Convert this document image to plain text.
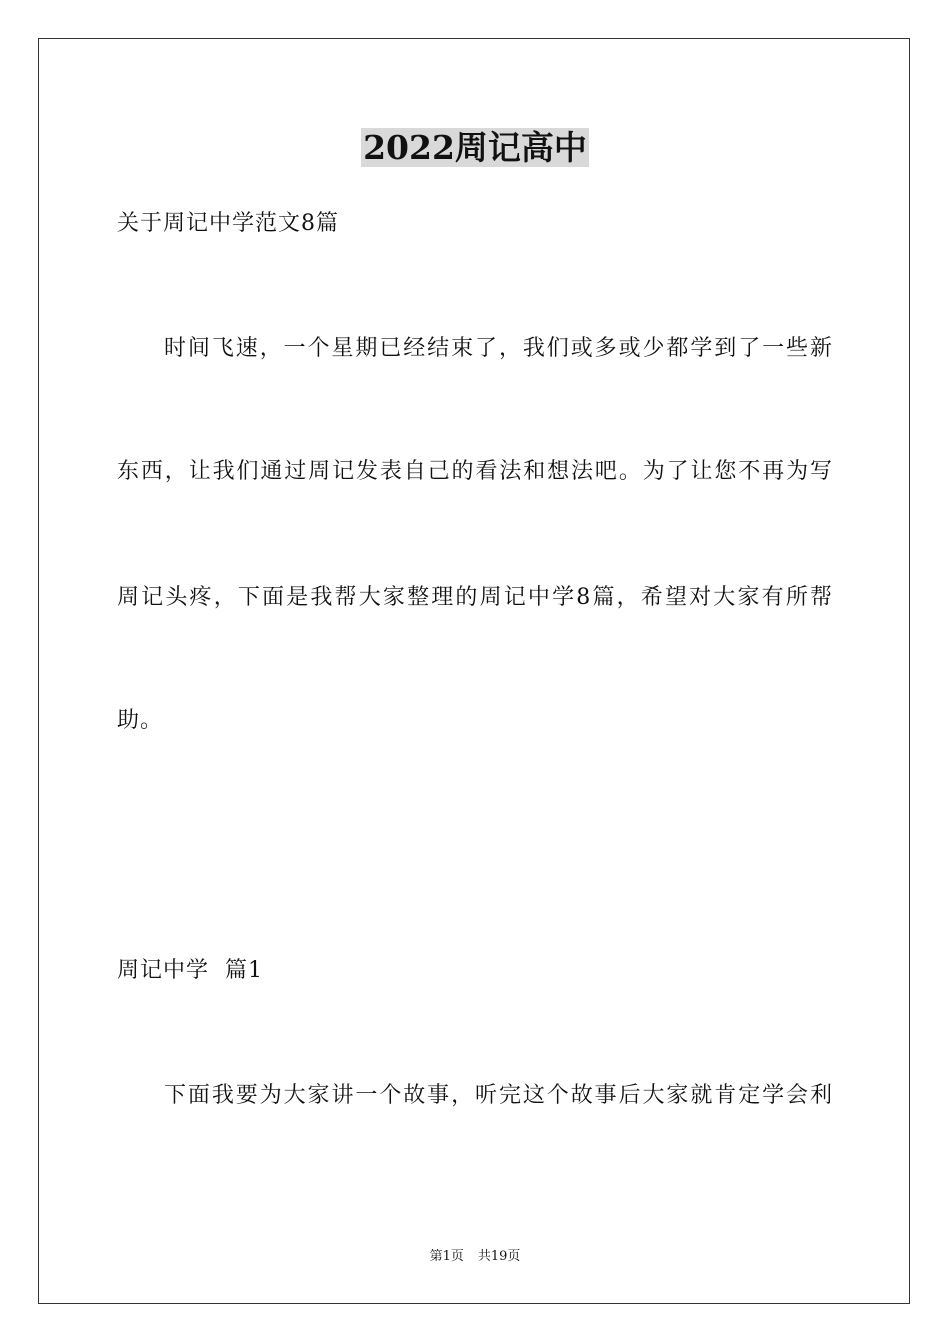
2022周记高中
关于周记中学范文8篇
时间飞速，一个星期已经结束了，我们或多或少都学到了一些新
东西，让我们通过周记发表自己的看法和想法吧。为了让您不再为写
周记头疼，下面是我帮大家整理的周记中学8篇，希望对大家有所帮
助。
周记中学  篇1
下面我要为大家讲一个故事，听完这个故事后大家就肯定学会利
第1页 共19页
